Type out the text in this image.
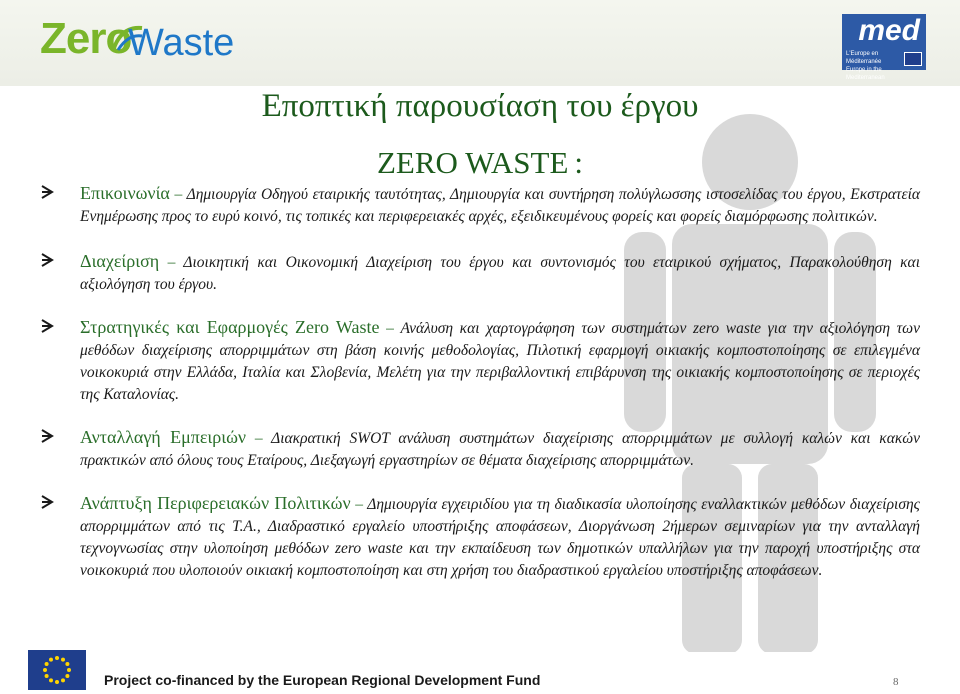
Zero
Waste	med
L'Europe en Méditerranée
Europe in the Mediterranean
Εποπτική παρουσίαση του έργου
ZERO WASTE :
Επικοινωνία – Δημιουργία Οδηγού εταιρικής ταυτότητας, Δημιουργία και συντήρηση πολύγλωσσης ιστοσελίδας του έργου, Εκστρατεία Ενημέρωσης προς το ευρύ κοινό, τις τοπικές και περιφερειακές αρχές, εξειδικευμένους φορείς και φορείς διαμόρφωσης πολιτικών.
Διαχείριση – Διοικητική και Οικονομική Διαχείριση του έργου και συντονισμός του εταιρικού σχήματος, Παρακολούθηση και αξιολόγηση του έργου.
Στρατηγικές και Εφαρμογές Zero Waste – Ανάλυση και χαρτογράφηση των συστημάτων zero waste για την αξιολόγηση των μεθόδων διαχείρισης απορριμμάτων στη βάση κοινής μεθοδολογίας, Πιλοτική εφαρμογή οικιακής κομποστοποίησης σε επιλεγμένα νοικοκυριά στην Ελλάδα, Ιταλία και Σλοβενία, Μελέτη για την περιβαλλοντική επιβάρυνση της οικιακής κομποστοποίησης σε περιοχές της Καταλονίας.
Ανταλλαγή Εμπειριών – Διακρατική SWOT ανάλυση συστημάτων διαχείρισης απορριμμάτων με συλλογή καλών και κακών πρακτικών από όλους τους Εταίρους, Διεξαγωγή εργαστηρίων σε θέματα διαχείρισης απορριμμάτων.
Ανάπτυξη Περιφερειακών Πολιτικών – Δημιουργία εγχειριδίου για τη διαδικασία υλοποίησης εναλλακτικών μεθόδων διαχείρισης απορριμμάτων από τις Τ.Α., Διαδραστικό εργαλείο υποστήριξης αποφάσεων, Διοργάνωση 2ήμερων σεμιναρίων για την ανταλλαγή τεχνογνωσίας στην υλοποίηση μεθόδων zero waste και την εκπαίδευση των δημοτικών υπαλλήλων για την παροχή υποστήριξης στα νοικοκυριά που υλοποιούν οικιακή κομποστοποίηση και στη χρήση του διαδραστικού εργαλείου υποστήριξης αποφάσεων.
Project co-financed by the European Regional Development Fund	8
